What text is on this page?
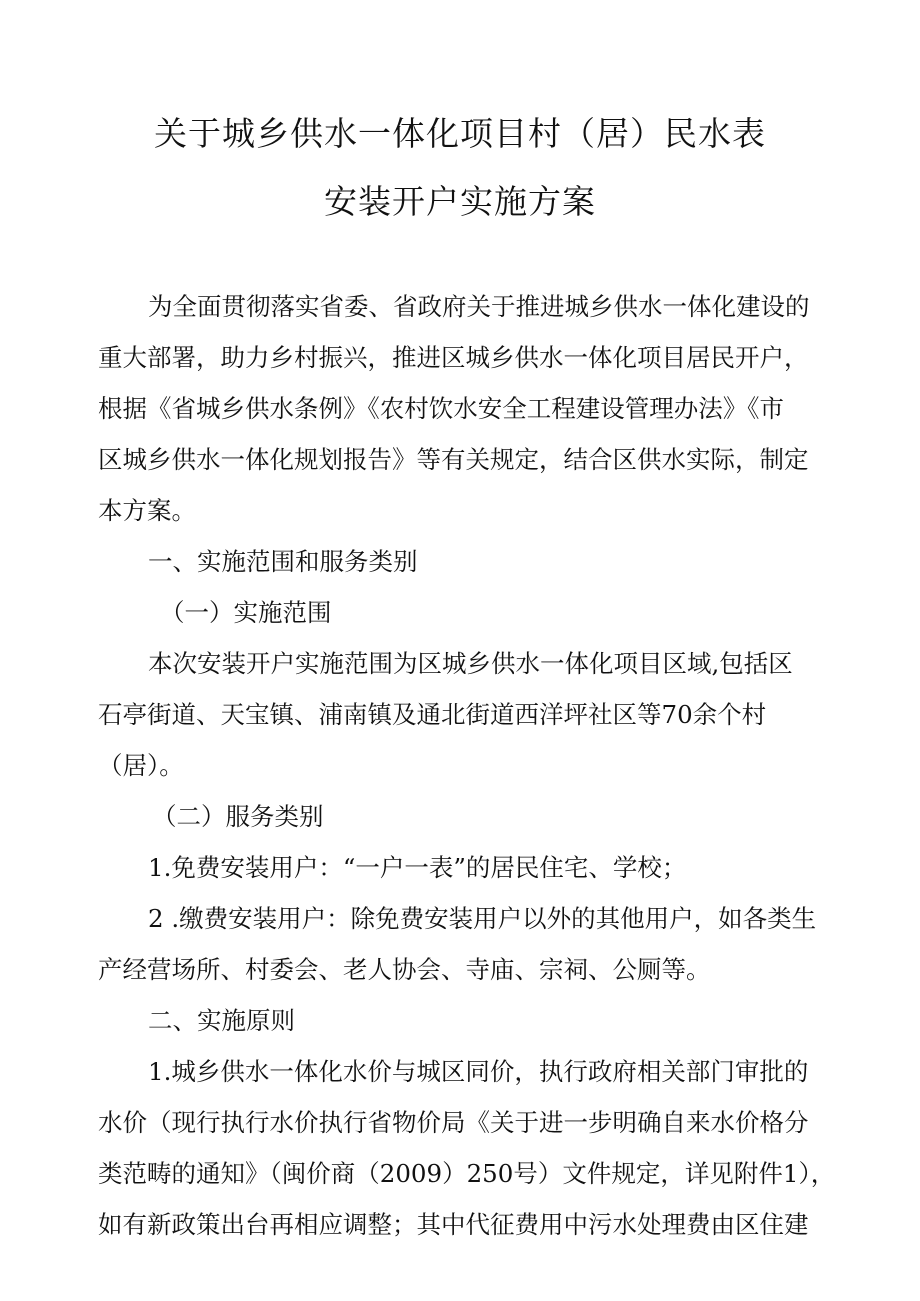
关于城乡供水一体化项目村（居）民水表
安装开户实施方案

为全面贯彻落实省委、省政府关于推进城乡供水一体化建设的

重大部署，助力乡村振兴，推进区城乡供水一体化项目居民开户，

根据《省城乡供水条例》《农村饮水安全工程建设管理办法》《市

区城乡供水一体化规划报告》等有关规定，结合区供水实际，制定

本方案。

一、实施范围和服务类别

（一）实施范围

本次安装开户实施范围为区城乡供水一体化项目区域,包括区

石亭街道、天宝镇、浦南镇及通北街道西洋坪社区等70余个村

（居）。

（二）服务类别

1.免费安装用户：“一户一表”的居民住宅、学校；

2 .缴费安装用户：除免费安装用户以外的其他用户，如各类生

产经营场所、村委会、老人协会、寺庙、宗祠、公厕等。

二、实施原则

1.城乡供水一体化水价与城区同价，执行政府相关部门审批的

水价（现行执行水价执行省物价局《关于进一步明确自来水价格分

类范畴的通知》（闽价商（2009）250号）文件规定，详见附件1），

如有新政策出台再相应调整；其中代征费用中污水处理费由区住建
